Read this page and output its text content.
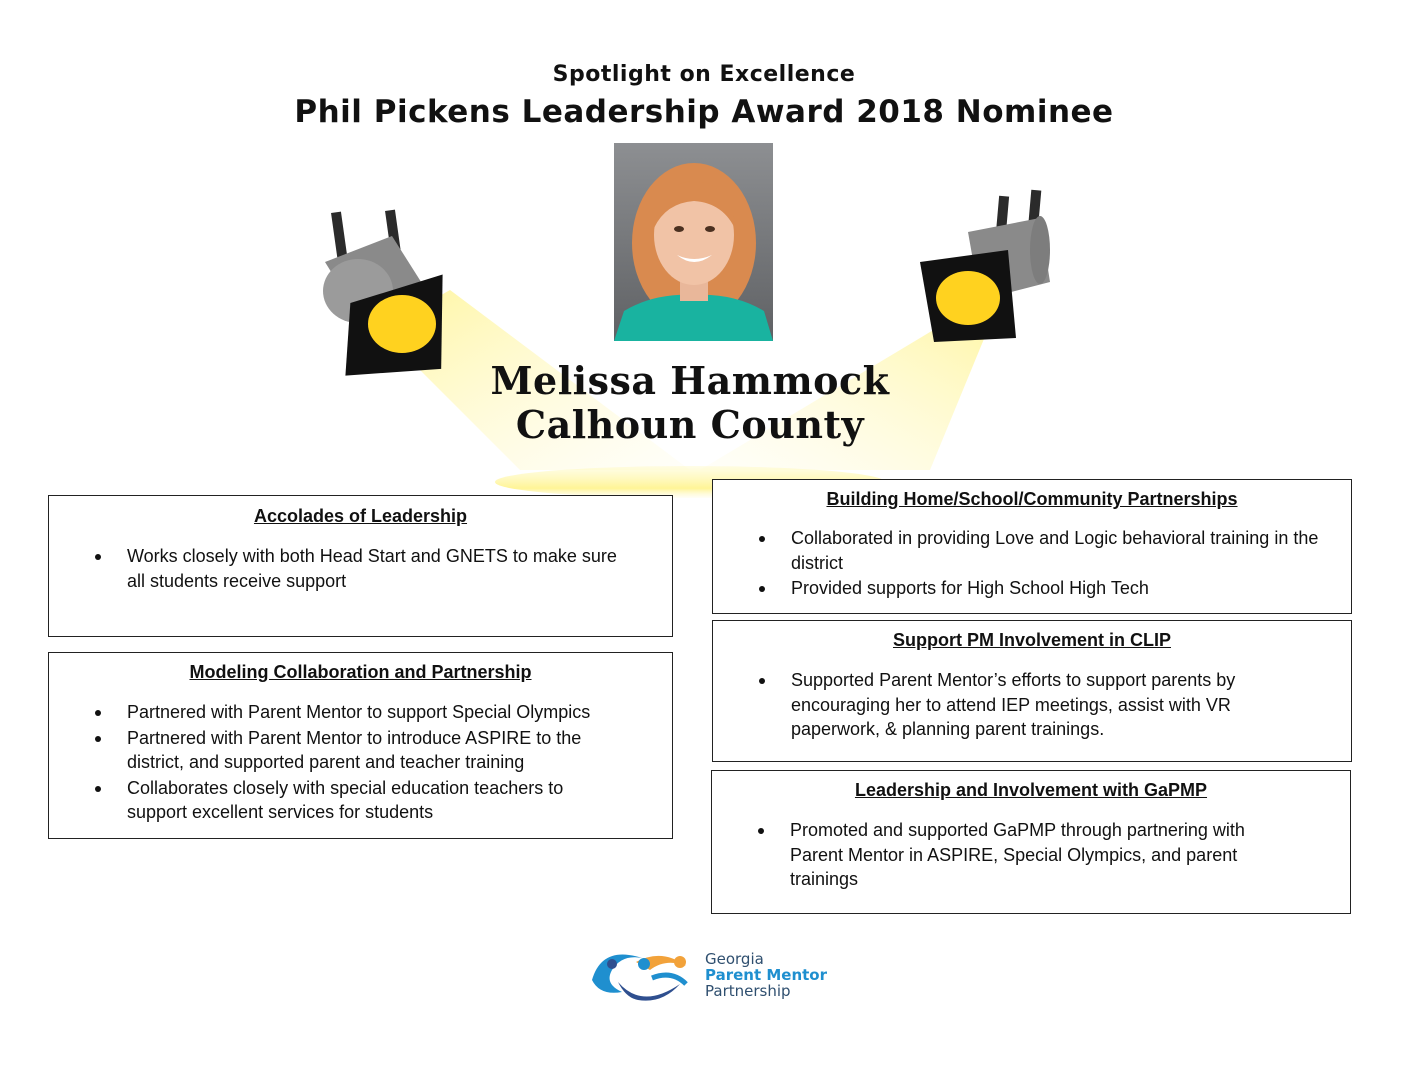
Spotlight on Excellence
Phil Pickens Leadership Award 2018 Nominee
Melissa Hammock
Calhoun County
Accolades of Leadership
Works closely with both Head Start and GNETS to make sure all students receive support
Modeling Collaboration and Partnership
Partnered with Parent Mentor to support Special Olympics
Partnered with Parent Mentor to introduce ASPIRE to the district, and supported parent and teacher training
Collaborates closely with special education teachers to support excellent services for students
Building Home/School/Community Partnerships
Collaborated in providing Love and Logic behavioral training in the district
Provided supports for High School High Tech
Support PM Involvement in CLIP
Supported Parent Mentor’s efforts to support parents by encouraging her to attend IEP meetings, assist with VR paperwork, & planning parent trainings.
Leadership and Involvement with GaPMP
Promoted and supported GaPMP through partnering with Parent Mentor in ASPIRE, Special Olympics, and parent trainings
Georgia
Parent Mentor
Partnership
